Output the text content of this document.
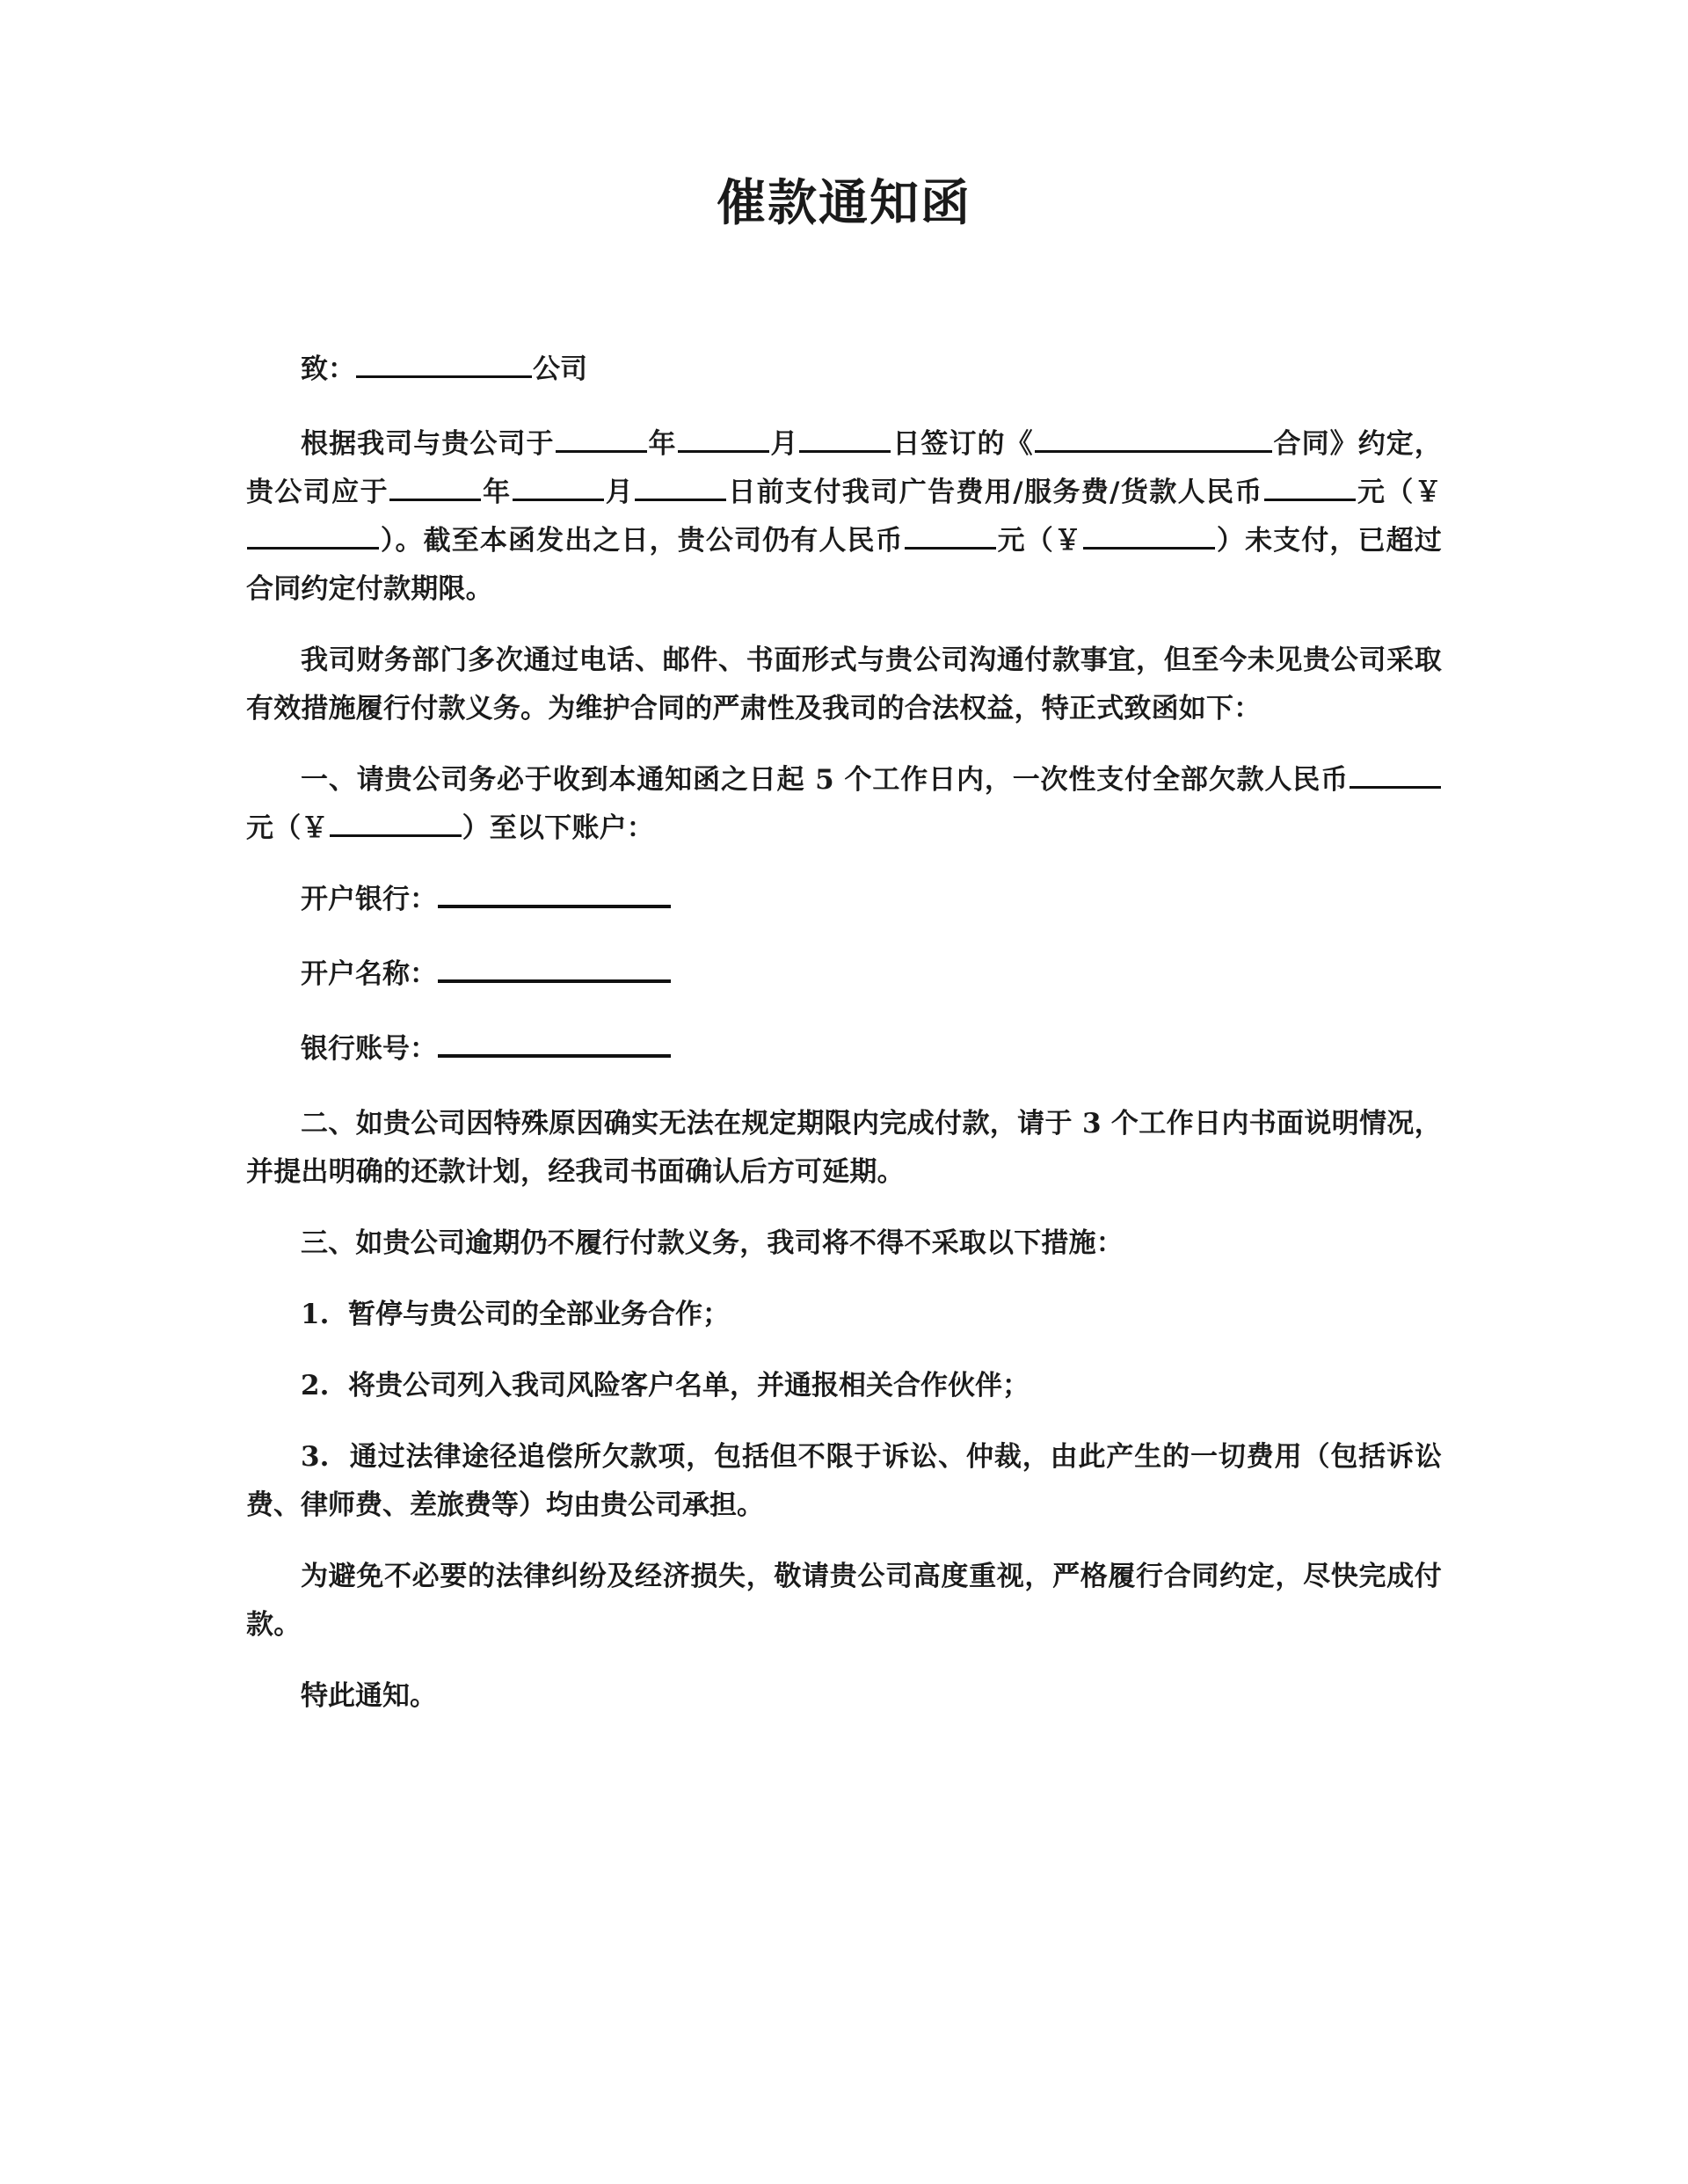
催款通知函

致：	公司

根据我司与贵公司于	年	月	日签订的《	合同》约定，贵公司应于	年	月	日前支付我司广告费用/服务费/货款人民币	元（￥）。截至本函发出之日，贵公司仍有人民币	元（￥	）未支付，已超过合同约定付款期限。

我司财务部门多次通过电话、邮件、书面形式与贵公司沟通付款事宜，但至今未见贵公司采取有效措施履行付款义务。为维护合同的严肃性及我司的合法权益，特正式致函如下：

一、请贵公司务必于收到本通知函之日起 5 个工作日内，一次性支付全部欠款人民币元（￥	）至以下账户：

开户银行：

开户名称：

银行账号：

二、如贵公司因特殊原因确实无法在规定期限内完成付款，请于 3 个工作日内书面说明情况，并提出明确的还款计划，经我司书面确认后方可延期。

三、如贵公司逾期仍不履行付款义务，我司将不得不采取以下措施：

1. 暂停与贵公司的全部业务合作；

2. 将贵公司列入我司风险客户名单，并通报相关合作伙伴；

3. 通过法律途径追偿所欠款项，包括但不限于诉讼、仲裁，由此产生的一切费用（包括诉讼费、律师费、差旅费等）均由贵公司承担。

为避免不必要的法律纠纷及经济损失，敬请贵公司高度重视，严格履行合同约定，尽快完成付款。

特此通知。
